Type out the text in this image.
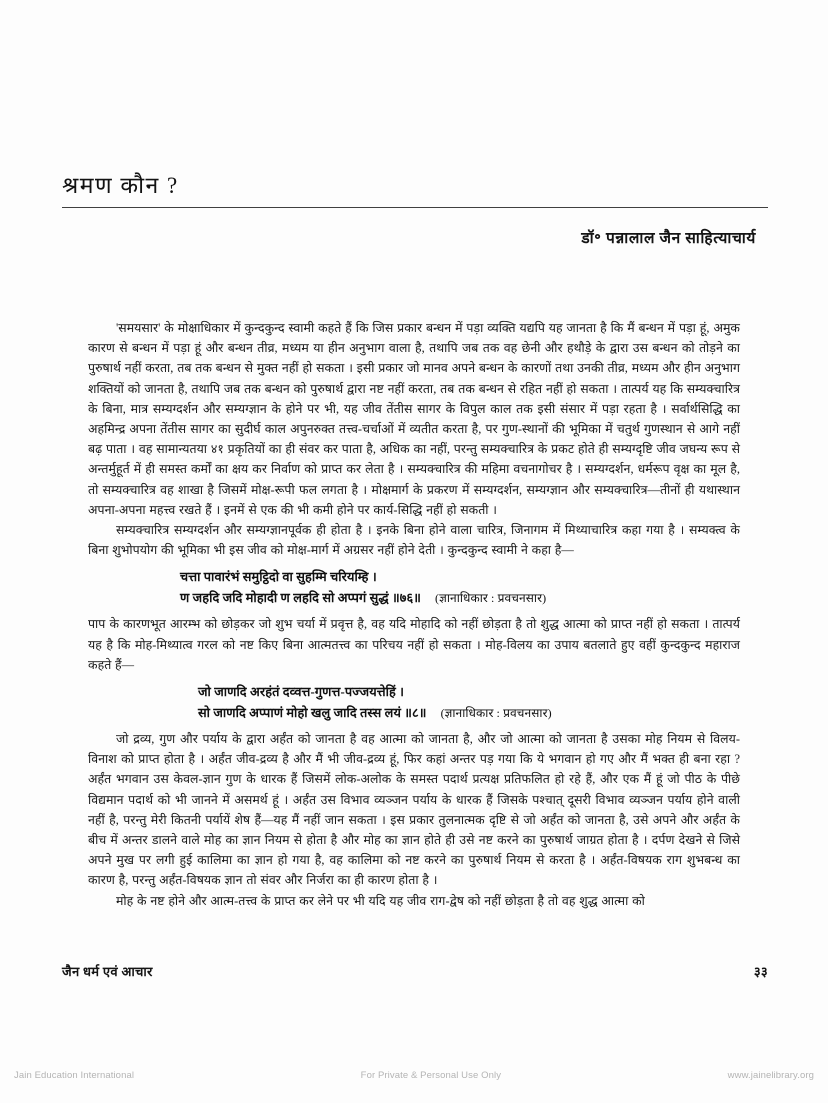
श्रमण कौन ?
डॉ॰ पन्नालाल जैन साहित्याचार्य

'समयसार' के मोक्षाधिकार में कुन्दकुन्द स्वामी कहते हैं कि जिस प्रकार बन्धन में पड़ा व्यक्ति यद्यपि यह जानता है कि मैं बन्धन में पड़ा हूं, अमुक कारण से बन्धन में पड़ा हूं और बन्धन तीव्र, मध्यम या हीन अनुभाग वाला है, तथापि जब तक वह छेनी और हथौड़े के द्वारा उस बन्धन को तोड़ने का पुरुषार्थ नहीं करता, तब तक बन्धन से मुक्त नहीं हो सकता । इसी प्रकार जो मानव अपने बन्धन के कारणों तथा उनकी तीव्र, मध्यम और हीन अनुभाग शक्तियों को जानता है, तथापि जब तक बन्धन को पुरुषार्थ द्वारा नष्ट नहीं करता, तब तक बन्धन से रहित नहीं हो सकता । तात्पर्य यह कि सम्यक्चारित्र के बिना, मात्र सम्यग्दर्शन और सम्यग्ज्ञान के होने पर भी, यह जीव तेंतीस सागर के विपुल काल तक इसी संसार में पड़ा रहता है । सर्वार्थसिद्धि का अहमिन्द्र अपना तेंतीस सागर का सुदीर्घ काल अपुनरुक्त तत्त्व-चर्चाओं में व्यतीत करता है, पर गुण-स्थानों की भूमिका में चतुर्थ गुणस्थान से आगे नहीं बढ़ पाता । वह सामान्यतया ४१ प्रकृतियों का ही संवर कर पाता है, अधिक का नहीं, परन्तु सम्यक्चारित्र के प्रकट होते ही सम्यग्दृष्टि जीव जघन्य रूप से अन्तर्मुहूर्त में ही समस्त कर्मों का क्षय कर निर्वाण को प्राप्त कर लेता है । सम्यक्चारित्र की महिमा वचनागोचर है । सम्यग्दर्शन, धर्मरूप वृक्ष का मूल है, तो सम्यक्चारित्र वह शाखा है जिसमें मोक्ष-रूपी फल लगता है । मोक्षमार्ग के प्रकरण में सम्यग्दर्शन, सम्यग्ज्ञान और सम्यक्चारित्र—तीनों ही यथास्थान अपना-अपना महत्त्व रखते हैं । इनमें से एक की भी कमी होने पर कार्य-सिद्धि नहीं हो सकती ।

सम्यक्चारित्र सम्यग्दर्शन और सम्यग्ज्ञानपूर्वक ही होता है । इनके बिना होने वाला चारित्र, जिनागम में मिथ्याचारित्र कहा गया है । सम्यक्त्व के बिना शुभोपयोग की भूमिका भी इस जीव को मोक्ष-मार्ग में अग्रसर नहीं होने देती । कुन्दकुन्द स्वामी ने कहा है—

चत्ता पावारंभं समुट्ठिदो वा सुहम्मि चरियम्हि ।
ण जहदि जदि मोहादी ण लहदि सो अप्पगं सुद्धं ॥७६॥ (ज्ञानाधिकार : प्रवचनसार)

पाप के कारणभूत आरम्भ को छोड़कर जो शुभ चर्या में प्रवृत्त है, वह यदि मोहादि को नहीं छोड़ता है तो शुद्ध आत्मा को प्राप्त नहीं हो सकता । तात्पर्य यह है कि मोह-मिथ्यात्व गरल को नष्ट किए बिना आत्मतत्त्व का परिचय नहीं हो सकता । मोह-विलय का उपाय बतलाते हुए वहीं कुन्दकुन्द महाराज कहते हैं—

जो जाणदि अरहंतं दव्वत्त-गुणत्त-पज्जयत्तेहिं ।
सो जाणदि अप्पाणं मोहो खलु जादि तस्स लयं ॥८॥ (ज्ञानाधिकार : प्रवचनसार)

जो द्रव्य, गुण और पर्याय के द्वारा अर्हंत को जानता है वह आत्मा को जानता है, और जो आत्मा को जानता है उसका मोह नियम से विलय-विनाश को प्राप्त होता है । अर्हंत जीव-द्रव्य है और मैं भी जीव-द्रव्य हूं, फिर कहां अन्तर पड़ गया कि ये भगवान हो गए और मैं भक्त ही बना रहा ? अर्हंत भगवान उस केवल-ज्ञान गुण के धारक हैं जिसमें लोक-अलोक के समस्त पदार्थ प्रत्यक्ष प्रतिफलित हो रहे हैं, और एक मैं हूं जो पीठ के पीछे विद्यमान पदार्थ को भी जानने में असमर्थ हूं । अर्हंत उस विभाव व्यञ्जन पर्याय के धारक हैं जिसके पश्चात् दूसरी विभाव व्यञ्जन पर्याय होने वाली नहीं है, परन्तु मेरी कितनी पर्यायें शेष हैं—यह मैं नहीं जान सकता । इस प्रकार तुलनात्मक दृष्टि से जो अर्हंत को जानता है, उसे अपने और अर्हंत के बीच में अन्तर डालने वाले मोह का ज्ञान नियम से होता है और मोह का ज्ञान होते ही उसे नष्ट करने का पुरुषार्थ जाग्रत होता है । दर्पण देखने से जिसे अपने मुख पर लगी हुई कालिमा का ज्ञान हो गया है, वह कालिमा को नष्ट करने का पुरुषार्थ नियम से करता है । अर्हंत-विषयक राग शुभबन्ध का कारण है, परन्तु अर्हंत-विषयक ज्ञान तो संवर और निर्जरा का ही कारण होता है ।

मोह के नष्ट होने और आत्म-तत्त्व के प्राप्त कर लेने पर भी यदि यह जीव राग-द्वेष को नहीं छोड़ता है तो वह शुद्ध आत्मा को

जैन धर्म एवं आचार	३३
Jain Education International	For Private & Personal Use Only	www.jainelibrary.org
